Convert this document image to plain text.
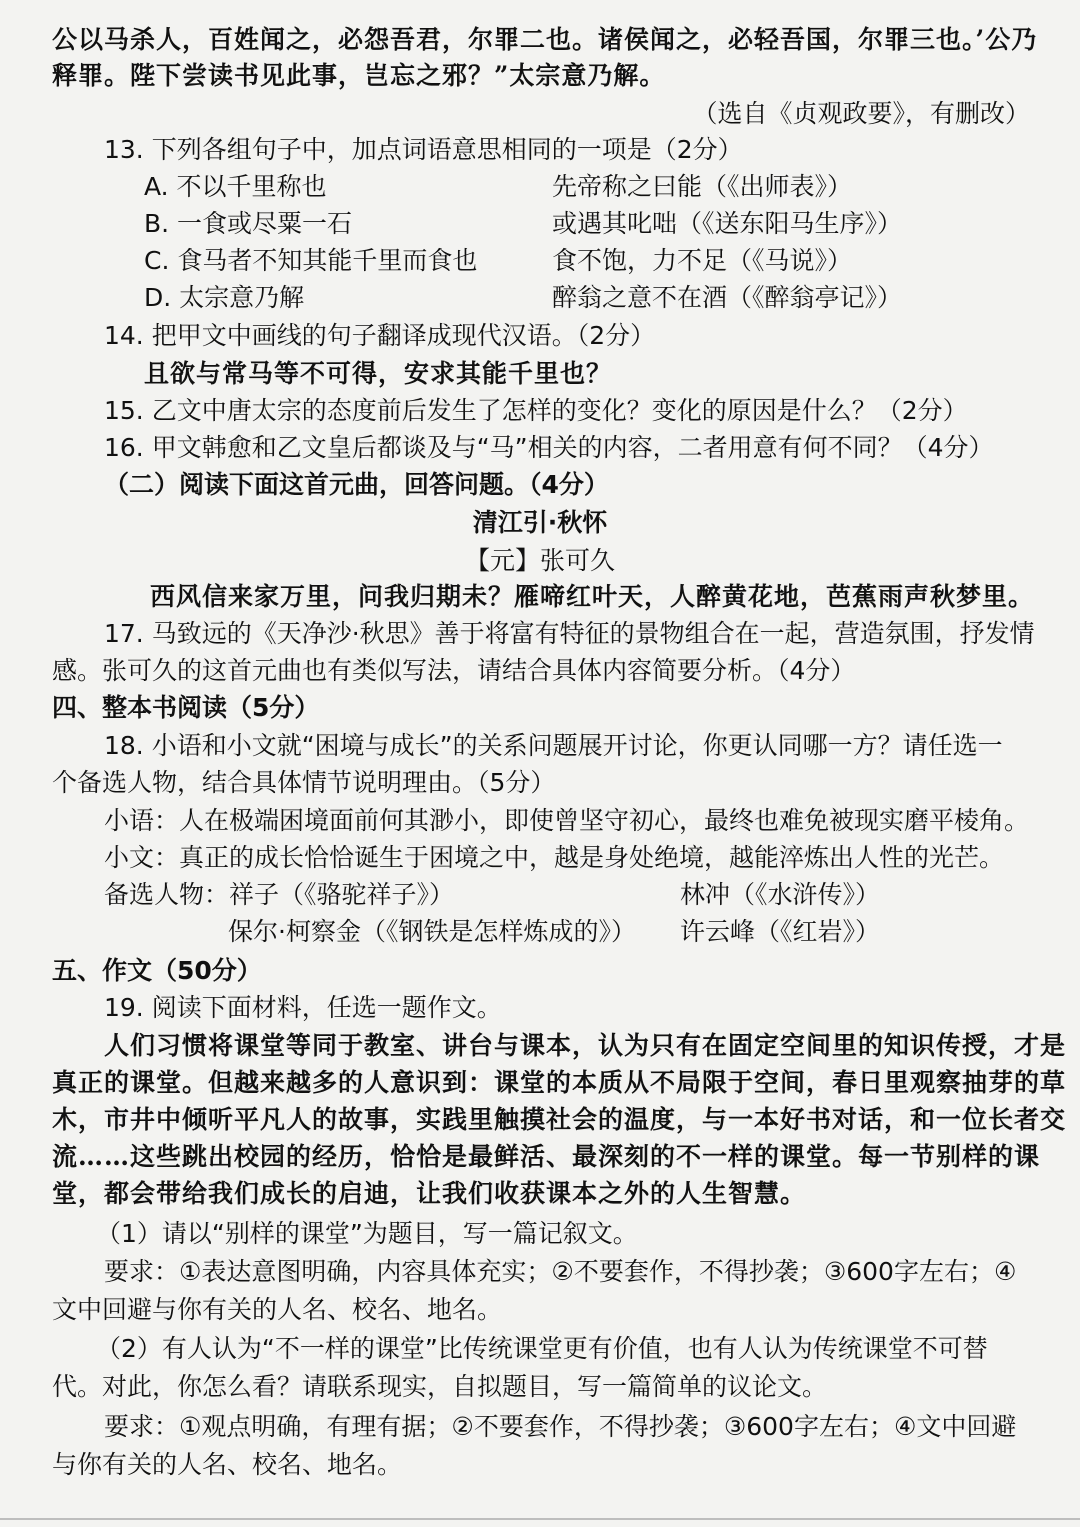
公以马杀人，百姓闻之，必怨吾君，尔罪二也。诸侯闻之，必轻吾国，尔罪三也。’公乃
释罪。陛下尝读书见此事，岂忘之邪？”太宗意乃解。
（选自《贞观政要》，有删改）
13. 下列各组句子中，加点词语意思相同的一项是（2分）
A. 不以千里称也	先帝称之曰能（《出师表》）
B. 一食或尽粟一石	或遇其叱咄（《送东阳马生序》）
C. 食马者不知其能千里而食也	食不饱，力不足（《马说》）
D. 太宗意乃解	醉翁之意不在酒（《醉翁亭记》）
14. 把甲文中画线的句子翻译成现代汉语。（2分）
且欲与常马等不可得，安求其能千里也？
15. 乙文中唐太宗的态度前后发生了怎样的变化？变化的原因是什么？（2分）
16. 甲文韩愈和乙文皇后都谈及与“马”相关的内容，二者用意有何不同？（4分）
（二）阅读下面这首元曲，回答问题。（4分）
清江引·秋怀
【元】张可久
西风信来家万里，问我归期未？雁啼红叶天，人醉黄花地，芭蕉雨声秋梦里。
17. 马致远的《天净沙·秋思》善于将富有特征的景物组合在一起，营造氛围，抒发情
感。张可久的这首元曲也有类似写法，请结合具体内容简要分析。（4分）
四、整本书阅读（5分）
18. 小语和小文就“困境与成长”的关系问题展开讨论，你更认同哪一方？请任选一
个备选人物，结合具体情节说明理由。（5分）
小语：人在极端困境面前何其渺小，即使曾坚守初心，最终也难免被现实磨平棱角。
小文：真正的成长恰恰诞生于困境之中，越是身处绝境，越能淬炼出人性的光芒。
备选人物：祥子（《骆驼祥子》）	林冲（《水浒传》）
保尔·柯察金（《钢铁是怎样炼成的》） 许云峰（《红岩》）
五、作文（50分）
19. 阅读下面材料，任选一题作文。
人们习惯将课堂等同于教室、讲台与课本，认为只有在固定空间里的知识传授，才是
真正的课堂。但越来越多的人意识到：课堂的本质从不局限于空间，春日里观察抽芽的草
木，市井中倾听平凡人的故事，实践里触摸社会的温度，与一本好书对话，和一位长者交
流……这些跳出校园的经历，恰恰是最鲜活、最深刻的不一样的课堂。每一节别样的课
堂，都会带给我们成长的启迪，让我们收获课本之外的人生智慧。
（1）请以“别样的课堂”为题目，写一篇记叙文。
要求：①表达意图明确，内容具体充实；②不要套作，不得抄袭；③600字左右；④
文中回避与你有关的人名、校名、地名。
（2）有人认为“不一样的课堂”比传统课堂更有价值，也有人认为传统课堂不可替
代。对此，你怎么看？请联系现实，自拟题目，写一篇简单的议论文。
要求：①观点明确，有理有据；②不要套作，不得抄袭；③600字左右；④文中回避
与你有关的人名、校名、地名。
